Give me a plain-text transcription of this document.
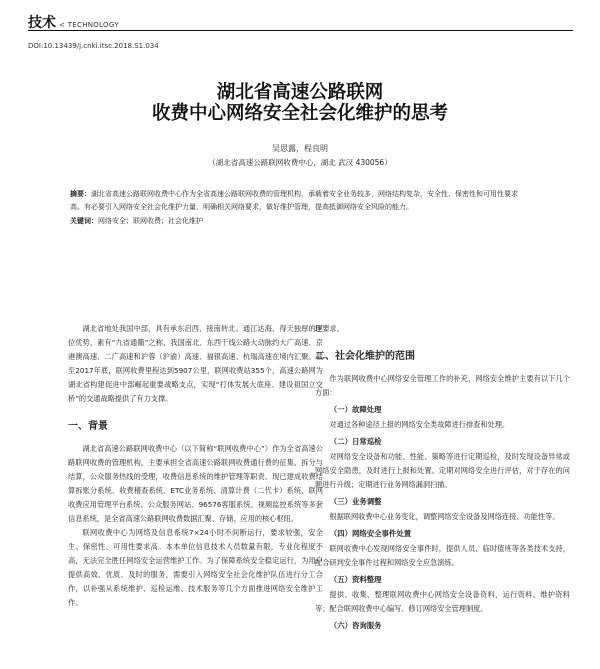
技术 < TECHNOLOGY
DOI:10.13439/j.cnki.itsc.2018.S1.034
湖北省高速公路联网
收费中心网络安全社会化维护的思考
吴思露，程良明
（湖北省高速公路联网收费中心，湖北 武汉 430056）
摘要：湖北省高速公路联网收费中心作为全省高速公路联网收费的管理机构，承载着安全业务较多，网络结构复杂，安全性、保密性和可用性要求高。有必要引入网络安全社会化维护力量，明确相关网络要求，做好维护管理，提高抵御网络安全风险的能力。
关键词：网络安全；联网收费；社会化维护

湖北省地处我国中部，具有承东启西、接南转北、通江达海、得天独厚的区位优势，素有“九省通衢”之称，我国南北、东西干线公路大动脉约大广高速、京港澳高速、二广高速和沪蓉（沪渝）高速、福银高速、杭瑞高速在境内汇聚。截至2017年底，联网收费里程达到5907公里，联网收费站355个，高速公路网为湖北省构建促进中部崛起重要战略支点，实现“打体发展大底座、建设祖国立交桥”的交通战略提供了有力支撑。

一、背景

湖北省高速公路联网收费中心（以下简称“联网收费中心”）作为全省高速公路联网收费的管理机构，主要承担全省高速公路联网收费通行费的征集、拆分与结算，公众服务热线的受理，收费信息系统的维护管理等职责。现已建成收费结算拆账分系统、收费稽查系统、ETC业务系统、清算计费（二代卡）系统、联网收费应用管理平台系统、公众服务网站、96576客服系统、视频监控系统等多套信息系统，是全省高速公路联网收费数据汇聚、存储、应用的核心枢纽。

联网收费中心为网络及信息系统7×24小时不间断运行，要求较强，安全生、保密性、可用性要求高。本本单位信息技术人员数量有限，专业化程度不高，无法完全胜任网络安全运营维护工作。为了保障系统安全稳定运行，为用户提供高效、优质、及时的服务，需要引入网络安全社会化维护队伍进行分工合作，以补强从系统维护、巡检运维、技术服务等几个方面推进网络安全维护工作。

理要求。

二、社会化维护的范围

作为联网收费中心网络安全管理工作的补充，网络安全维护主要有以下几个方面：

（一）故障处理

对通过各种途径上报的网络安全类故障进行排查和处理。

（二）日常巡检

对网络安全设备和功能、性能、策略等进行定期巡检，及时发现设备异常或网络安全隐患，及时进行上报和处置。定期对网络安全进行评估，对于存在的问题进行升级；定期进行业务网络漏洞扫描。

（三）业务调整

根据联网收费中心业务变化，调整网络安全设备及网络连接、功能性等。

（四）网络安全事件处置

联网收费中心发现网络安全事件时，提供人员、临时值班等各类技术支持，配合研判安全事件过程和网络安全应急演练。

（五）资料整理

提供、收集、整理联网收费中心网络安全设备资料，运行资料、维护资料等；配合联网收费中心编写、修订网络安全管理制度。

（六）咨询服务
